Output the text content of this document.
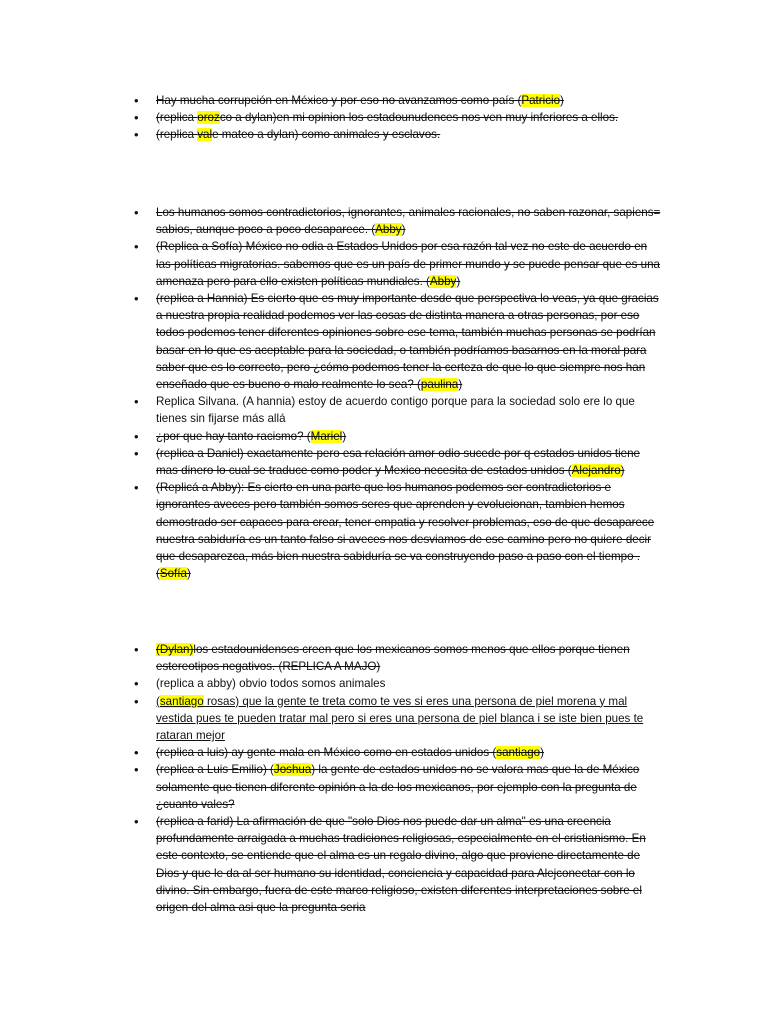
• Hay mucha corrupción en México y por eso no avanzamos como país (Patricio)
• (replica orozco a dylan)en mi opinion los estadounudences nos ven muy inferiores a ellos.
• (replica vale mateo a dylan) como animales y esclavos.
• Los humanos somos contradictorios, ignorantes, animales racionales, no saben razonar, sapiens= sabios, aunque poco a poco desaparece. (Abby)
• (Replica a Sofía) México no odia a Estados Unidos por esa razón tal vez no este de acuerdo en las políticas migratorias. sabemos que es un país de primer mundo y se puede pensar que es una amenaza pero para ello existen políticas mundiales. (Abby)
• (replica a Hannia) Es cierto que es muy importante desde que perspectiva lo veas, ya que gracias a nuestra propia realidad podemos ver las cosas de distinta manera a otras personas, por eso todos podemos tener diferentes opiniones sobre ese tema, también muchas personas se podrían basar en lo que es aceptable para la sociedad, o también podríamos basarnos en la moral para saber que es lo correcto, pero ¿cómo podemos tener la certeza de que lo que siempre nos han enseñado que es bueno o malo realmente lo sea? (paulina)
• Replica Silvana. (A hannia) estoy de acuerdo contigo porque para la sociedad solo ere lo que tienes sin fijarse más allá
• ¿por que hay tanto racismo? (Mariel)
• (replica a Daniel) exactamente pero esa relación amor odio sucede por q estados unidos tiene mas dinero lo cual se traduce como poder y Mexico necesita de estados unidos (Alejandro)
• (Replicá a Abby): Es cierto en una parte que los humanos podemos ser contradictorios e ignorantes aveces pero también somos seres que aprenden y evolucionan, tambien hemos demostrado ser capaces para crear, tener empatia y resolver problemas, eso de que desaparece nuestra sabiduría es un tanto falso si aveces nos desviamos de ese camino pero no quiere decir que desaparezca, más bien nuestra sabiduría se va construyendo paso a paso con el tiempo . (Sofía)
• (Dylan)los estadounidenses creen que los mexicanos somos menos que ellos porque tienen estereotipos negativos. (REPLICA A MAJO)
• (replica a abby) obvio todos somos animales
• (santiago rosas) que la gente te treta como te ves si eres una persona de piel morena y mal vestida pues te pueden tratar mal pero si eres una persona de piel blanca i se iste bien pues te rataran mejor
• (replica a luis) ay gente mala en México como en estados unidos (santiago)
• (replica a Luis Emilio) (Joshua) la gente de estados unidos no se valora mas que la de México solamente que tienen diferente opinión a la de los mexicanos, por ejemplo con la pregunta de ¿cuanto vales?
• (replica a farid) La afirmación de que "solo Dios nos puede dar un alma" es una creencia profundamente arraigada a muchas tradiciones religiosas, especialmente en el cristianismo. En este contexto, se entiende que el alma es un regalo divino, algo que proviene directamente de Dios y que le da al ser humano su identidad, conciencia y capacidad para Alejconectar con lo divino. Sin embargo, fuera de este marco religioso, existen diferentes interpretaciones sobre el origen del alma asi que la pregunta seria
